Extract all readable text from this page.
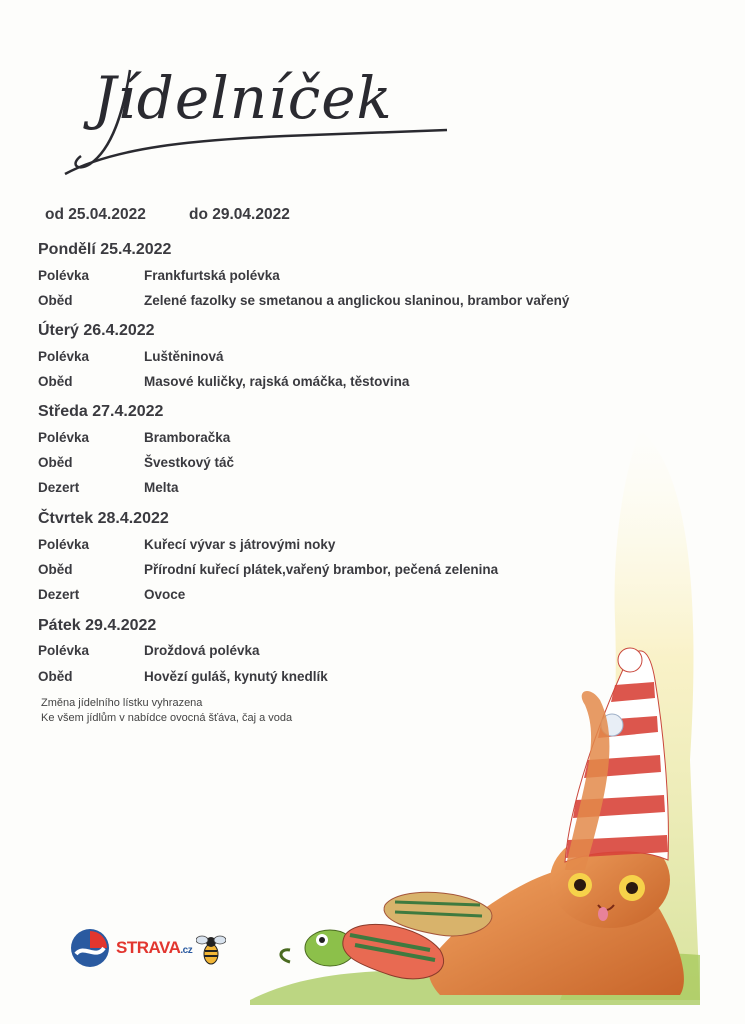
Jídelníček
od 25.04.2022	do 29.04.2022
Pondělí 25.4.2022
Polévka	Frankfurtská polévka
Oběd	Zelené fazolky se smetanou a anglickou slaninou, brambor vařený
Úterý 26.4.2022
Polévka	Luštěninová
Oběd	Masové kuličky, rajská omáčka, těstovina
Středa 27.4.2022
Polévka	Bramboračka
Oběd	Švestkový táč
Dezert	Melta
Čtvrtek 28.4.2022
Polévka	Kuřecí vývar s játrovými noky
Oběd	Přírodní kuřecí plátek,vařený brambor, pečená zelenina
Dezert	Ovoce
Pátek 29.4.2022
Polévka	Droždová polévka
Oběd	Hovězí guláš, kynutý knedlík
Změna jídelního lístku vyhrazena
Ke všem jídlům v nabídce ovocná šťáva, čaj a voda
STRAVA.cz
